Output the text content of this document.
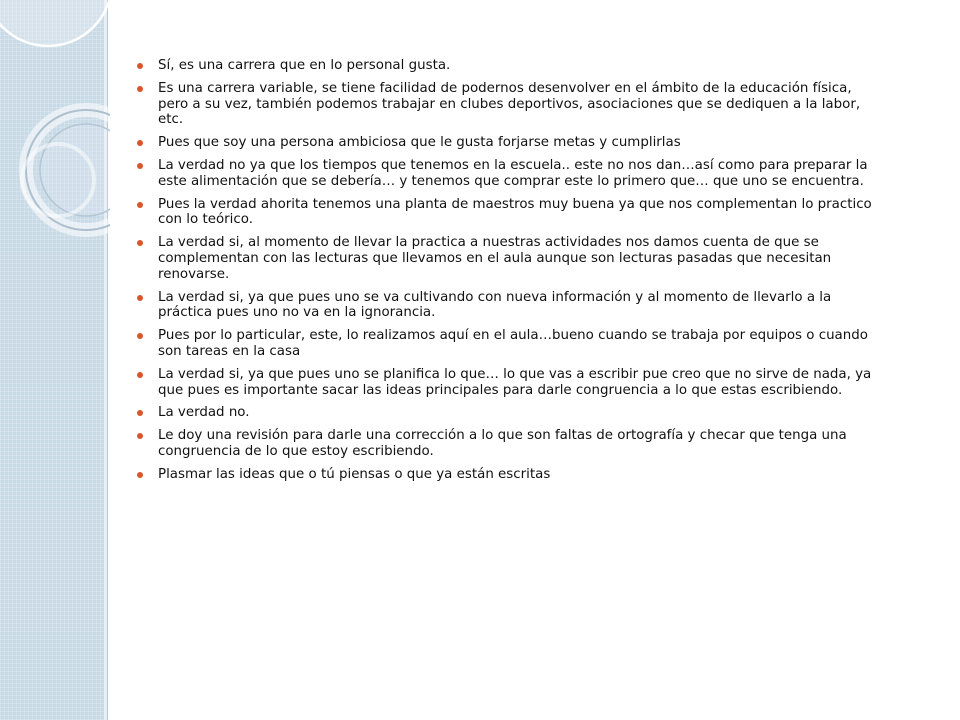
Sí, es una carrera que en lo personal gusta.
Es una carrera variable, se tiene facilidad de podernos desenvolver en el ámbito de la educación física, pero a su vez, también podemos trabajar en clubes deportivos, asociaciones que se dediquen a la labor, etc.
Pues que soy una persona ambiciosa que le gusta forjarse metas y cumplirlas
La verdad no ya que los tiempos que tenemos en la escuela.. este no nos dan…así como para preparar la este alimentación que se debería… y tenemos que comprar este lo primero que… que uno se encuentra.
Pues la verdad ahorita tenemos una planta de maestros muy buena ya que nos complementan lo practico con lo teórico.
La verdad si, al momento de llevar la practica a nuestras actividades nos damos cuenta de que se complementan con las lecturas que llevamos en el aula aunque son lecturas pasadas que necesitan renovarse.
La verdad si, ya que pues uno se va cultivando con nueva información y al momento de llevarlo a la práctica pues uno no va en la ignorancia.
Pues por lo particular, este, lo realizamos aquí en el aula…bueno cuando se trabaja por equipos o cuando son tareas en la casa
La verdad si, ya que pues uno se planifica lo que… lo que vas a escribir pue creo que no sirve de nada, ya que pues es importante sacar las ideas principales para darle congruencia a lo que estas escribiendo.
La verdad no.
Le doy una revisión para darle una corrección a lo que son faltas de ortografía y checar que tenga una congruencia de lo que estoy escribiendo.
Plasmar las ideas que o tú piensas o que ya están escritas
